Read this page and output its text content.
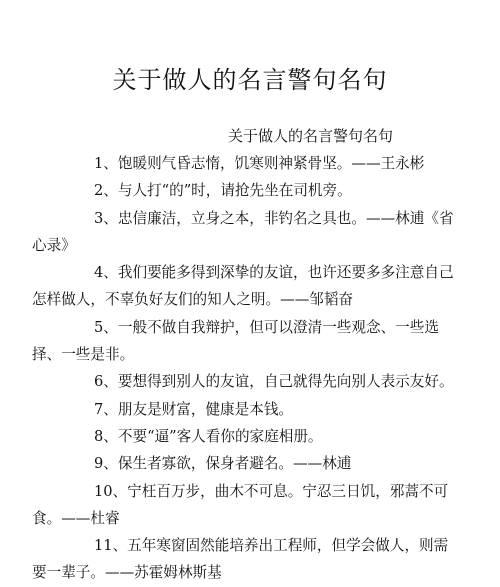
关于做人的名言警句名句

关于做人的名言警句名句

1、饱暖则气昏志惰，饥寒则神紧骨坚。——王永彬

2、与人打“的”时，请抢先坐在司机旁。

3、忠信廉洁，立身之本，非钓名之具也。——林逋《省心录》

4、我们要能多得到深挚的友谊，也许还要多多注意自己怎样做人，不辜负好友们的知人之明。——邹韬奋

5、一般不做自我辩护，但可以澄清一些观念、一些选择、一些是非。

6、要想得到别人的友谊，自己就得先向别人表示友好。

7、朋友是财富，健康是本钱。

8、不要“逼”客人看你的家庭相册。

9、保生者寡欲，保身者避名。——林逋

10、宁枉百万步，曲木不可息。宁忍三日饥，邪蒿不可食。——杜睿

11、五年寒窗固然能培养出工程师，但学会做人，则需要一辈子。——苏霍姆林斯基
